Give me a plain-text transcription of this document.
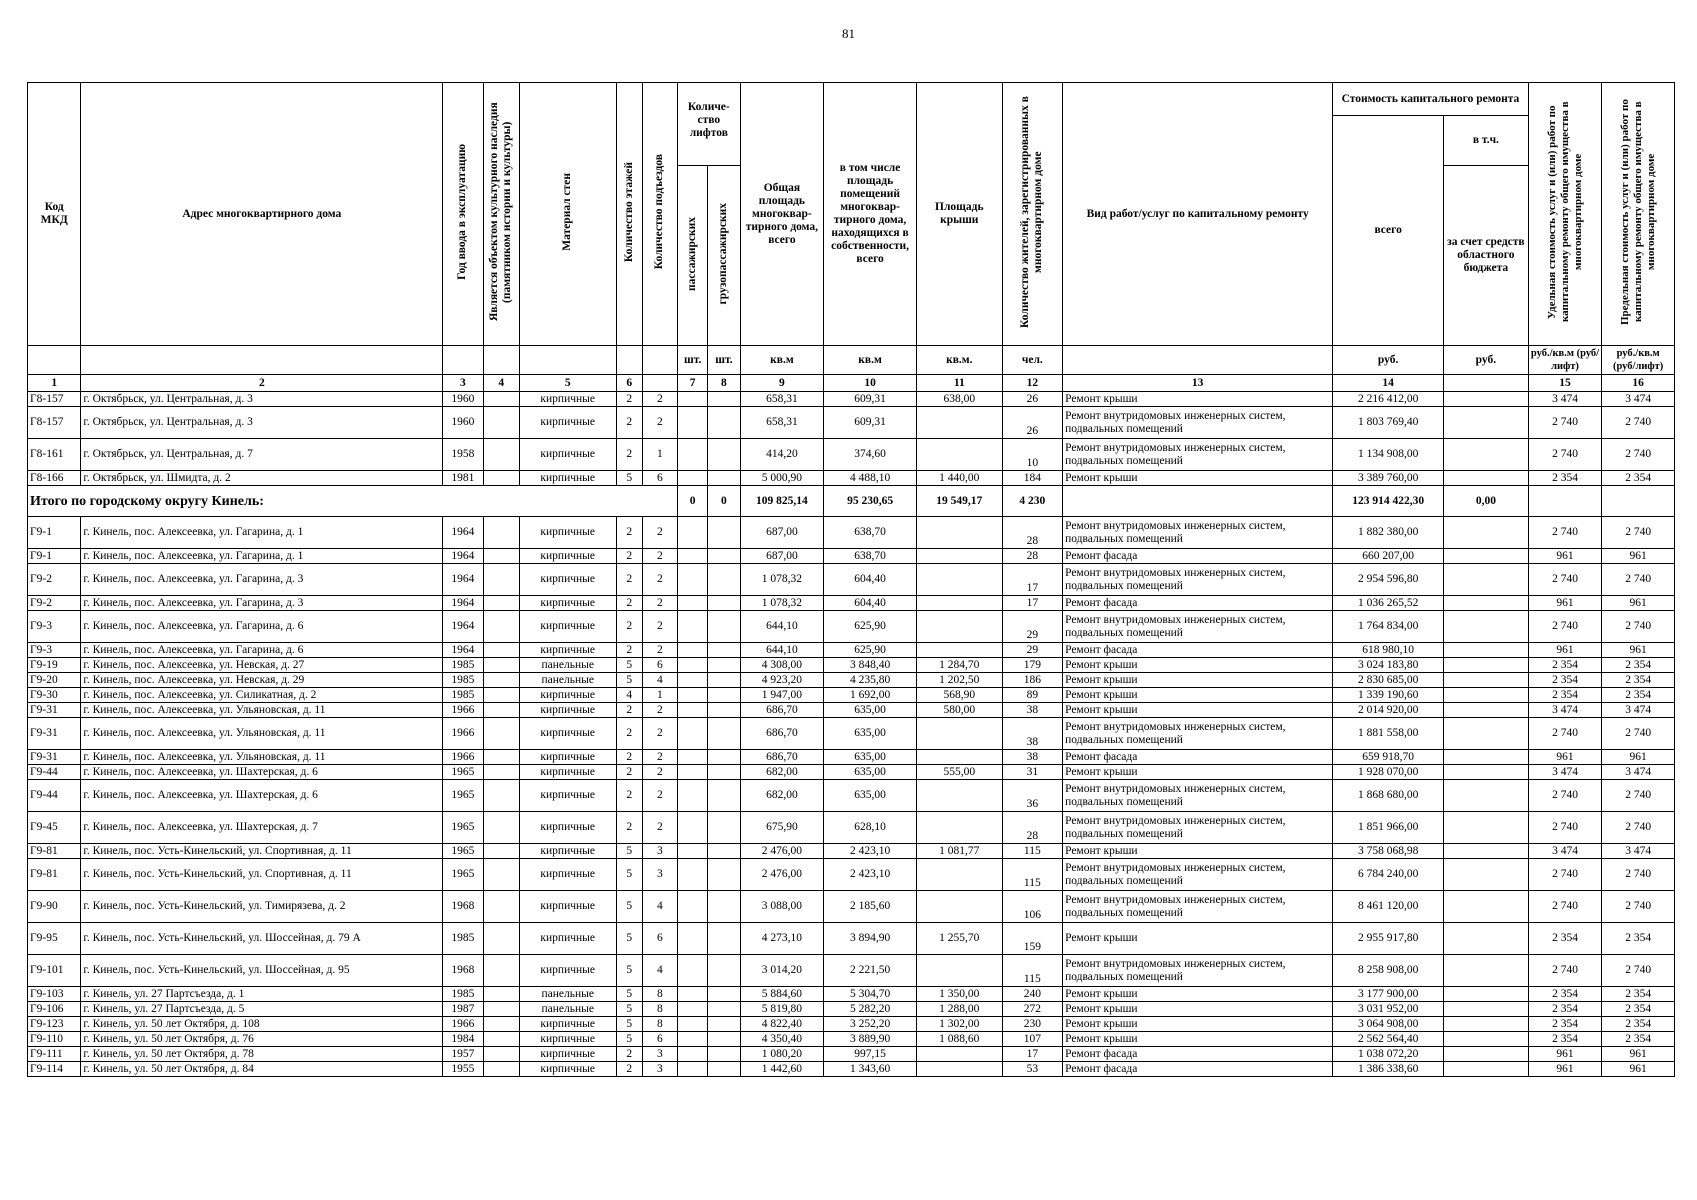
81
Код МКД	Адрес многоквартирного дома	Год ввода в эксплуатацию	Является объектом культурного наследия (памятником истории и культуры)	Материал стен	Количество этажей	Количество подъездов	Количе-ство лифтов		Общая площадь многоквар-тирного дома, всего	в том числе площадь помещений многоквар-тирного дома, находящихся в собственности, всего	Площадь крыши	Количество жителей, зарегистрированных в многоквартирном доме	Вид работ/услуг по капитальному ремонту	Стоимость капитального ремонта		Удельная стоимость услуг и (или) работ по капитальному ремонту общего имущества в многоквартирном доме	Предельная стоимость услуг и (или) работ по капитальному ремонту общего имущества в многоквартирном доме
														всего	в т.ч.		
							пассажирских	грузопассажирских							за счет средств областного бюджета		
							шт.	шт.	кв.м	кв.м	кв.м.	чел.		руб.	руб.	руб./кв.м (руб/лифт)	руб./кв.м (руб/лифт)
1	2	3	4	5	6		7	8	9	10	11	12	13	14		15	16
Г8-157	г. Октябрьск, ул. Центральная, д. 3	1960		кирпичные	2	2			658,31	609,31	638,00	26	Ремонт крыши	2 216 412,00		3 474	3 474
Г8-157	г. Октябрьск, ул. Центральная, д. 3	1960		кирпичные	2	2			658,31	609,31		26	Ремонт внутридомовых инженерных систем, подвальных помещений	1 803 769,40		2 740	2 740
Г8-161	г. Октябрьск, ул. Центральная, д. 7	1958		кирпичные	2	1			414,20	374,60		10	Ремонт внутридомовых инженерных систем, подвальных помещений	1 134 908,00		2 740	2 740
Г8-166	г. Октябрьск, ул. Шмидта, д. 2	1981		кирпичные	5	6			5 000,90	4 488,10	1 440,00	184	Ремонт крыши	3 389 760,00		2 354	2 354
Итого по городскому округу Кинель:							0	0	109 825,14	95 230,65	19 549,17	4 230		123 914 422,30	0,00		
Г9-1	г. Кинель, пос. Алексеевка, ул. Гагарина, д. 1	1964		кирпичные	2	2			687,00	638,70		28	Ремонт внутридомовых инженерных систем, подвальных помещений	1 882 380,00		2 740	2 740
Г9-1	г. Кинель, пос. Алексеевка, ул. Гагарина, д. 1	1964		кирпичные	2	2			687,00	638,70		28	Ремонт фасада	660 207,00		961	961
Г9-2	г. Кинель, пос. Алексеевка, ул. Гагарина, д. 3	1964		кирпичные	2	2			1 078,32	604,40		17	Ремонт внутридомовых инженерных систем, подвальных помещений	2 954 596,80		2 740	2 740
Г9-2	г. Кинель, пос. Алексеевка, ул. Гагарина, д. 3	1964		кирпичные	2	2			1 078,32	604,40		17	Ремонт фасада	1 036 265,52		961	961
Г9-3	г. Кинель, пос. Алексеевка, ул. Гагарина, д. 6	1964		кирпичные	2	2			644,10	625,90		29	Ремонт внутридомовых инженерных систем, подвальных помещений	1 764 834,00		2 740	2 740
Г9-3	г. Кинель, пос. Алексеевка, ул. Гагарина, д. 6	1964		кирпичные	2	2			644,10	625,90		29	Ремонт фасада	618 980,10		961	961
Г9-19	г. Кинель, пос. Алексеевка, ул. Невская, д. 27	1985		панельные	5	6			4 308,00	3 848,40	1 284,70	179	Ремонт крыши	3 024 183,80		2 354	2 354
Г9-20	г. Кинель, пос. Алексеевка, ул. Невская, д. 29	1985		панельные	5	4			4 923,20	4 235,80	1 202,50	186	Ремонт крыши	2 830 685,00		2 354	2 354
Г9-30	г. Кинель, пос. Алексеевка, ул. Силикатная, д. 2	1985		кирпичные	4	1			1 947,00	1 692,00	568,90	89	Ремонт крыши	1 339 190,60		2 354	2 354
Г9-31	г. Кинель, пос. Алексеевка, ул. Ульяновская, д. 11	1966		кирпичные	2	2			686,70	635,00	580,00	38	Ремонт крыши	2 014 920,00		3 474	3 474
Г9-31	г. Кинель, пос. Алексеевка, ул. Ульяновская, д. 11	1966		кирпичные	2	2			686,70	635,00		38	Ремонт внутридомовых инженерных систем, подвальных помещений	1 881 558,00		2 740	2 740
Г9-31	г. Кинель, пос. Алексеевка, ул. Ульяновская, д. 11	1966		кирпичные	2	2			686,70	635,00		38	Ремонт фасада	659 918,70		961	961
Г9-44	г. Кинель, пос. Алексеевка, ул. Шахтерская, д. 6	1965		кирпичные	2	2			682,00	635,00	555,00	31	Ремонт крыши	1 928 070,00		3 474	3 474
Г9-44	г. Кинель, пос. Алексеевка, ул. Шахтерская, д. 6	1965		кирпичные	2	2			682,00	635,00		36	Ремонт внутридомовых инженерных систем, подвальных помещений	1 868 680,00		2 740	2 740
Г9-45	г. Кинель, пос. Алексеевка, ул. Шахтерская, д. 7	1965		кирпичные	2	2			675,90	628,10		28	Ремонт внутридомовых инженерных систем, подвальных помещений	1 851 966,00		2 740	2 740
Г9-81	г. Кинель, пос. Усть-Кинельский, ул. Спортивная, д. 11	1965		кирпичные	5	3			2 476,00	2 423,10	1 081,77	115	Ремонт крыши	3 758 068,98		3 474	3 474
Г9-81	г. Кинель, пос. Усть-Кинельский, ул. Спортивная, д. 11	1965		кирпичные	5	3			2 476,00	2 423,10		115	Ремонт внутридомовых инженерных систем, подвальных помещений	6 784 240,00		2 740	2 740
Г9-90	г. Кинель, пос. Усть-Кинельский, ул. Тимирязева, д. 2	1968		кирпичные	5	4			3 088,00	2 185,60		106	Ремонт внутридомовых инженерных систем, подвальных помещений	8 461 120,00		2 740	2 740
Г9-95	г. Кинель, пос. Усть-Кинельский, ул. Шоссейная, д. 79 А	1985		кирпичные	5	6			4 273,10	3 894,90	1 255,70	159	Ремонт крыши	2 955 917,80		2 354	2 354
Г9-101	г. Кинель, пос. Усть-Кинельский, ул. Шоссейная, д. 95	1968		кирпичные	5	4			3 014,20	2 221,50		115	Ремонт внутридомовых инженерных систем, подвальных помещений	8 258 908,00		2 740	2 740
Г9-103	г. Кинель, ул. 27 Партсъезда, д. 1	1985		панельные	5	8			5 884,60	5 304,70	1 350,00	240	Ремонт крыши	3 177 900,00		2 354	2 354
Г9-106	г. Кинель, ул. 27 Партсъезда, д. 5	1987		панельные	5	8			5 819,80	5 282,20	1 288,00	272	Ремонт крыши	3 031 952,00		2 354	2 354
Г9-123	г. Кинель, ул. 50 лет Октября, д. 108	1966		кирпичные	5	8			4 822,40	3 252,20	1 302,00	230	Ремонт крыши	3 064 908,00		2 354	2 354
Г9-110	г. Кинель, ул. 50 лет Октября, д. 76	1984		кирпичные	5	6			4 350,40	3 889,90	1 088,60	107	Ремонт крыши	2 562 564,40		2 354	2 354
Г9-111	г. Кинель, ул. 50 лет Октября, д. 78	1957		кирпичные	2	3			1 080,20	997,15		17	Ремонт фасада	1 038 072,20		961	961
Г9-114	г. Кинель, ул. 50 лет Октября, д. 84	1955		кирпичные	2	3			1 442,60	1 343,60		53	Ремонт фасада	1 386 338,60		961	961
